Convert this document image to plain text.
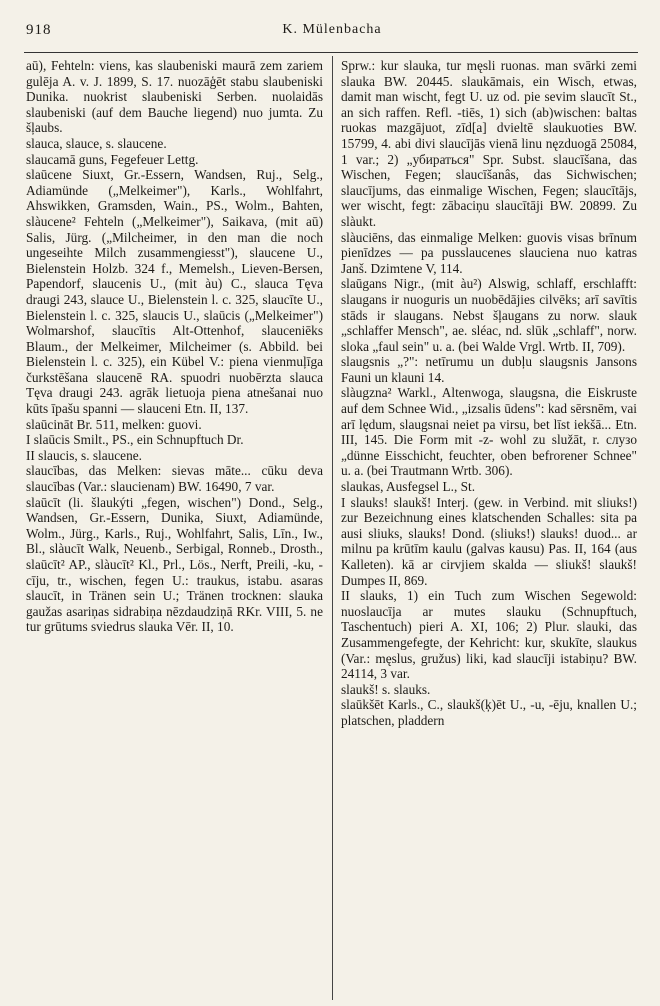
918	K. Mülenbacha

aū), Fehteln: viens, kas slaubeniski maurā zem zariem gulēja A. v. J. 1899, S. 17. nuozāģēt stabu slaubeniski Dunika. nuokrist slaubeniski Serben. nuolaidās slaubeniski (auf dem Bauche liegend) nuo jumta. Zu šļaubs.

slauca, slauce, s. slaucene.

slaucamā guns, Fegefeuer Lettg.

slaūcene Siuxt, Gr.-Essern, Wandsen, Ruj., Selg., Adiamünde („Melkeimer"), Karls., Wohlfahrt, Ahswikken, Gramsden, Wain., PS., Wolm., Bahten, slàucene² Fehteln („Melkeimer"), Saikava, (mit aū) Salis, Jürg. („Milcheimer, in den man die noch ungeseihte Milch zusammengiesst"), slaucene U., Bielenstein Holzb. 324 f., Memelsh., Lieven-Bersen, Papendorf, slaucenis U., (mit àu) C., slauca Tęva draugi 243, slauce U., Bielenstein l. c. 325, slaucīte U., Bielenstein l. c. 325, slaucis U., slaūcis („Melkeimer") Wolmarshof, slaucītis Alt-Ottenhof, slauceniēks Blaum., der Melkeimer, Milcheimer (s. Abbild. bei Bielenstein l. c. 325), ein Kübel V.: piena vienmuļīga čurkstēšana slaucenē RA. spuodri nuobērzta slauca Tęva draugi 243. agrāk lietuoja piena atnešanai nuo kūts īpašu spanni — slauceni Etn. II, 137.

slaūcināt Br. 511, melken: guovi.

I slaūcis Smilt., PS., ein Schnupftuch Dr.

II slaucis, s. slaucene.

slaucības, das Melken: sievas māte... cūku deva slaucības (Var.: slaucienam) BW. 16490, 7 var.

slaūcīt (li. šlaukýti „fegen, wischen") Dond., Selg., Wandsen, Gr.-Essern, Dunika, Siuxt, Adiamünde, Wolm., Jürg., Karls., Ruj., Wohlfahrt, Salis, Līn., Iw., Bl., slàucīt Walk, Neuenb., Serbigal, Ronneb., Drosth., slaūcīt² AP., slàucīt² Kl., Prl., Lös., Nerft, Preili, -ku, -cīju, tr., wischen, fegen U.: traukus, istabu. asaras slaucīt, in Tränen sein U.; Tränen trocknen: slauka gaužas asariņas sidrabiņa nēzdaudziņā RKr. VIII, 5. ne tur grūtums sviedrus slauka Vēr. II, 10.

Sprw.: kur slauka, tur męsli ruonas. man svārki zemi slauka BW. 20445. slaukāmais, ein Wisch, etwas, damit man wischt, fegt U. uz od. pie sevim slaucīt St., an sich raffen. Refl. -tiēs, 1) sich (ab)wischen: baltas ruokas mazgājuot, zīd[a] dvieltē slaukuoties BW. 15799, 4. abi divi slaucījās vienā linu nęzduogā 25084, 1 var.; 2) „убираться" Spr. Subst. slaucīšana, das Wischen, Fegen; slaucīšanâs, das Sichwischen; slaucījums, das einmalige Wischen, Fegen; slaucītājs, wer wischt, fegt: zābaciņu slaucītāji BW. 20899. Zu slàukt.

slàuciēns, das einmalige Melken: guovis visas brīnum pienīdzes — pa pusslaucenes slauciena nuo katras Janš. Dzimtene V, 114.

slaūgans Nigr., (mit àu²) Alswig, schlaff, erschlafft: slaugans ir nuoguris un nuobēdājies cilvēks; arī savītis stāds ir slaugans. Nebst šļaugans zu norw. slauk „schlaffer Mensch", ae. sléac, nd. slūk „schlaff", norw. sloka „faul sein" u. a. (bei Walde Vrgl. Wrtb. II, 709).

slaugsnis „?": netīrumu un dubļu slaugsnis Jansons Fauni un klauni 14.

slàugzna² Warkl., Altenwoga, slaugsna, die Eiskruste auf dem Schnee Wid., „izsalis ūdens": kad sērsnēm, vai arī lędum, slaugsnai neiet pa virsu, bet līst iekšā... Etn. III, 145. Die Form mit -z- wohl zu služāt, r. слузо „dünne Eisschicht, feuchter, oben befrorener Schnee" u. a. (bei Trautmann Wrtb. 306).

slaukas, Ausfegsel L., St.

I slauks! slaukš! Interj. (gew. in Verbind. mit sliuks!) zur Bezeichnung eines klatschenden Schalles: sita pa ausi sliuks, slauks! Dond. (sliuks!) slauks! duod... ar milnu pa krūtīm kaulu (galvas kausu) Pas. II, 164 (aus Kalleten). kā ar cirvjiem skalda — sliukš! slaukš! Dumpes II, 869.

II slauks, 1) ein Tuch zum Wischen Segewold: nuoslaucīja ar mutes slauku (Schnupftuch, Taschentuch) pieri A. XI, 106; 2) Plur. slauki, das Zusammengefegte, der Kehricht: kur, skukīte, slaukus (Var.: męslus, gružus) liki, kad slaucīji istabiņu? BW. 24114, 3 var.

slaukš! s. slauks.

slaūkšēt Karls., C., slaukš(ķ)ēt U., -u, -ēju, knallen U.; platschen, pladdern
